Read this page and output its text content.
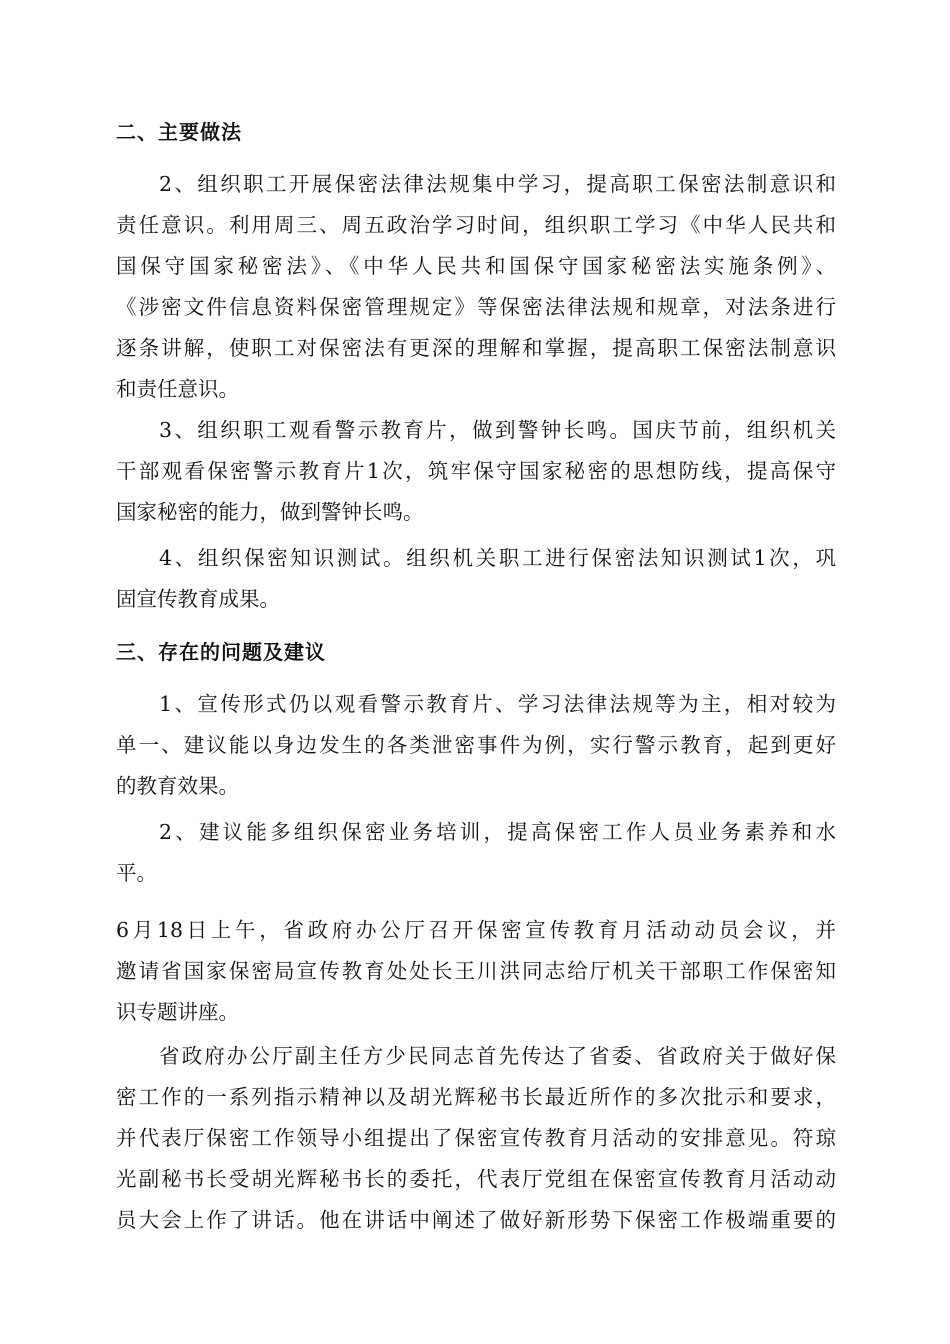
二、主要做法
2、组织职工开展保密法律法规集中学习，提高职工保密法制意识和
责任意识。利用周三、周五政治学习时间，组织职工学习《中华人民共和
国保守国家秘密法》、《中华人民共和国保守国家秘密法实施条例》、
《涉密文件信息资料保密管理规定》等保密法律法规和规章，对法条进行
逐条讲解，使职工对保密法有更深的理解和掌握，提高职工保密法制意识
和责任意识。
3、组织职工观看警示教育片，做到警钟长鸣。国庆节前，组织机关
干部观看保密警示教育片1次，筑牢保守国家秘密的思想防线，提高保守
国家秘密的能力，做到警钟长鸣。
4、组织保密知识测试。组织机关职工进行保密法知识测试1次，巩
固宣传教育成果。
三、存在的问题及建议
1、宣传形式仍以观看警示教育片、学习法律法规等为主，相对较为
单一、建议能以身边发生的各类泄密事件为例，实行警示教育，起到更好
的教育效果。
2、建议能多组织保密业务培训，提高保密工作人员业务素养和水
平。
6月18日上午，省政府办公厅召开保密宣传教育月活动动员会议，并
邀请省国家保密局宣传教育处处长王川洪同志给厅机关干部职工作保密知
识专题讲座。
省政府办公厅副主任方少民同志首先传达了省委、省政府关于做好保
密工作的一系列指示精神以及胡光辉秘书长最近所作的多次批示和要求，
并代表厅保密工作领导小组提出了保密宣传教育月活动的安排意见。符琼
光副秘书长受胡光辉秘书长的委托，代表厅党组在保密宣传教育月活动动
员大会上作了讲话。他在讲话中阐述了做好新形势下保密工作极端重要的
